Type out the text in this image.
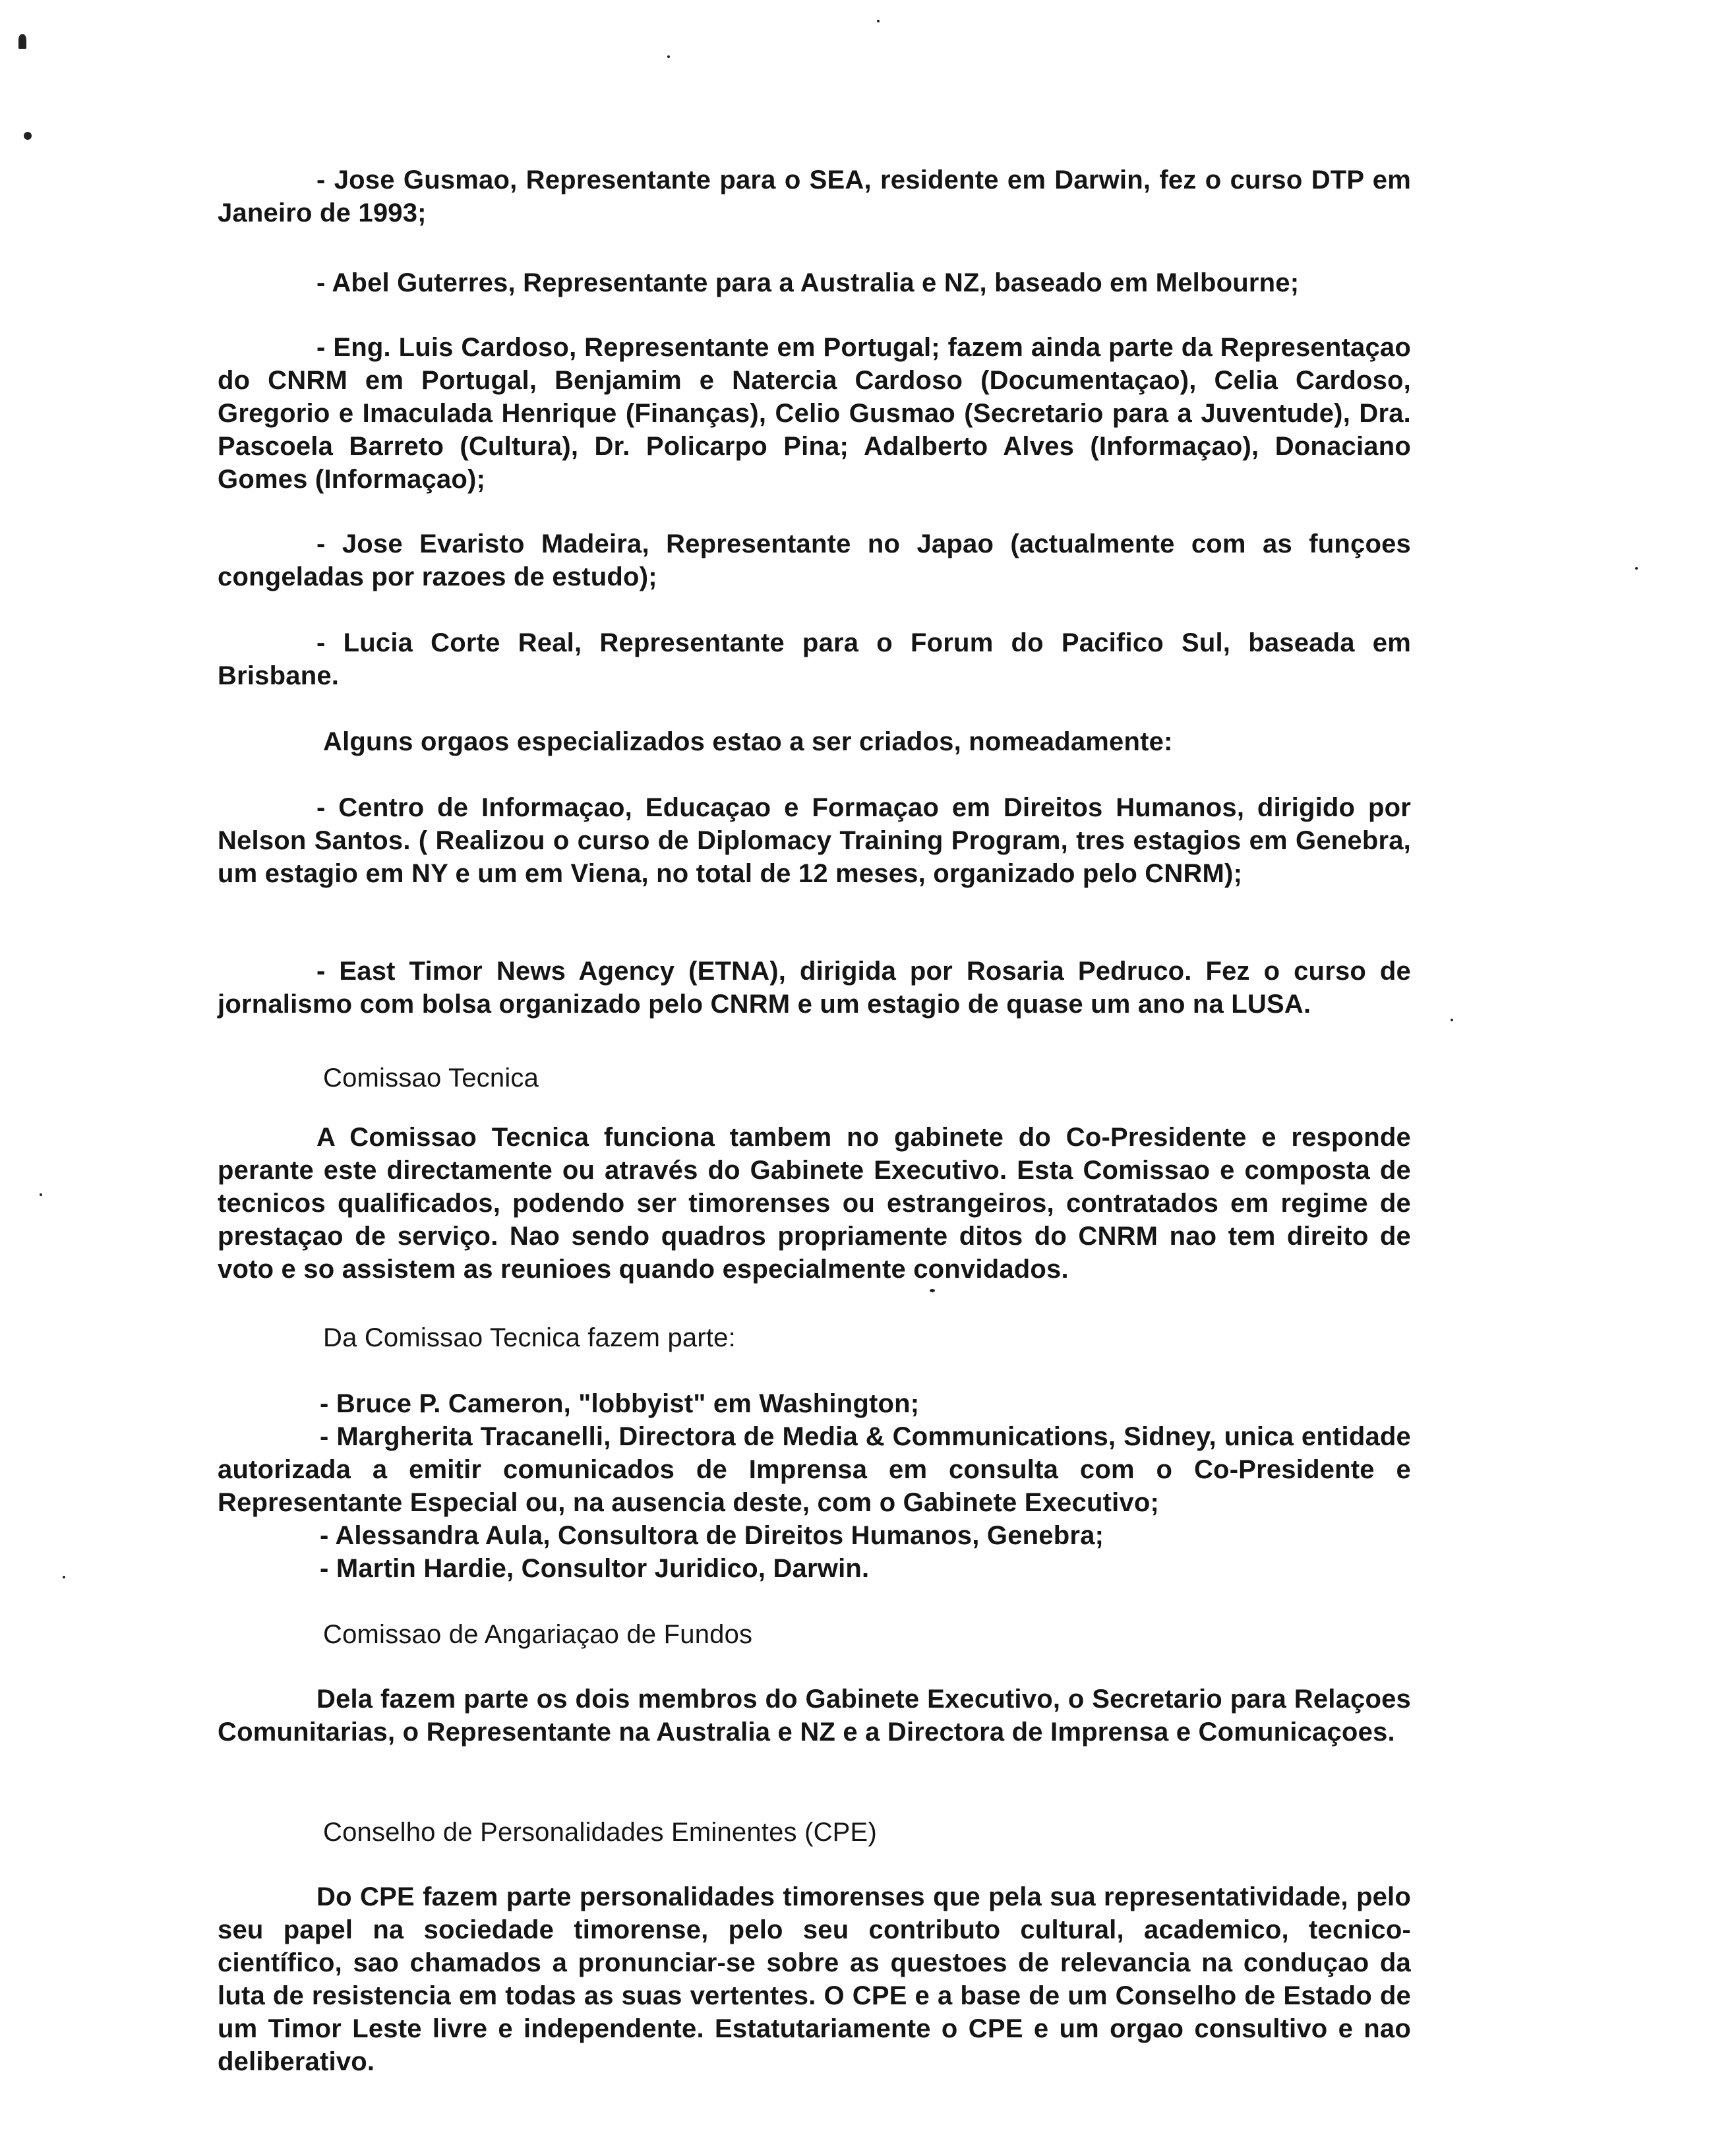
- Jose Gusmao, Representante para o SEA, residente em Darwin, fez o curso DTP em Janeiro de 1993;
- Abel Guterres, Representante para a Australia e NZ, baseado em Melbourne;
- Eng. Luis Cardoso, Representante em Portugal; fazem ainda parte da Representaçao do CNRM em Portugal, Benjamim e Natercia Cardoso (Documentaçao), Celia Cardoso, Gregorio e Imaculada Henrique (Finanças), Celio Gusmao (Secretario para a Juventude), Dra. Pascoela Barreto (Cultura), Dr. Policarpo Pina; Adalberto Alves (Informaçao), Donaciano Gomes (Informaçao);
- Jose Evaristo Madeira, Representante no Japao (actualmente com as funçoes congeladas por razoes de estudo);
- Lucia Corte Real, Representante para o Forum do Pacifico Sul, baseada em Brisbane.
Alguns orgaos especializados estao a ser criados, nomeadamente:
- Centro de Informaçao, Educaçao e Formaçao em Direitos Humanos, dirigido por Nelson Santos. ( Realizou o curso de Diplomacy Training Program, tres estagios em Genebra, um estagio em NY e um em Viena, no total de 12 meses, organizado pelo CNRM);
- East Timor News Agency (ETNA), dirigida por Rosaria Pedruco. Fez o curso de jornalismo com bolsa organizado pelo CNRM e um estagio de quase um ano na LUSA.
Comissao Tecnica
A Comissao Tecnica funciona tambem no gabinete do Co-Presidente e responde perante este directamente ou através do Gabinete Executivo. Esta Comissao e composta de tecnicos qualificados, podendo ser timorenses ou estrangeiros, contratados em regime de prestaçao de serviço. Nao sendo quadros propriamente ditos do CNRM nao tem direito de voto e so assistem as reunioes quando especialmente convidados.
Da Comissao Tecnica fazem parte:
- Bruce P. Cameron, "lobbyist" em Washington;
- Margherita Tracanelli, Directora de Media & Communications, Sidney, unica entidade autorizada a emitir comunicados de Imprensa em consulta com o Co-Presidente e Representante Especial ou, na ausencia deste, com o Gabinete Executivo;
- Alessandra Aula, Consultora de Direitos Humanos, Genebra;
- Martin Hardie, Consultor Juridico, Darwin.
Comissao de Angariaçao de Fundos
Dela fazem parte os dois membros do Gabinete Executivo, o Secretario para Relaçoes Comunitarias, o Representante na Australia e NZ e a Directora de Imprensa e Comunicaçoes.
Conselho de Personalidades Eminentes (CPE)
Do CPE fazem parte personalidades timorenses que pela sua representatividade, pelo seu papel na sociedade timorense, pelo seu contributo cultural, academico, tecnico-científico, sao chamados a pronunciar-se sobre as questoes de relevancia na conduçao da luta de resistencia em todas as suas vertentes. O CPE e a base de um Conselho de Estado de um Timor Leste livre e independente. Estatutariamente o CPE e um orgao consultivo e nao deliberativo.
